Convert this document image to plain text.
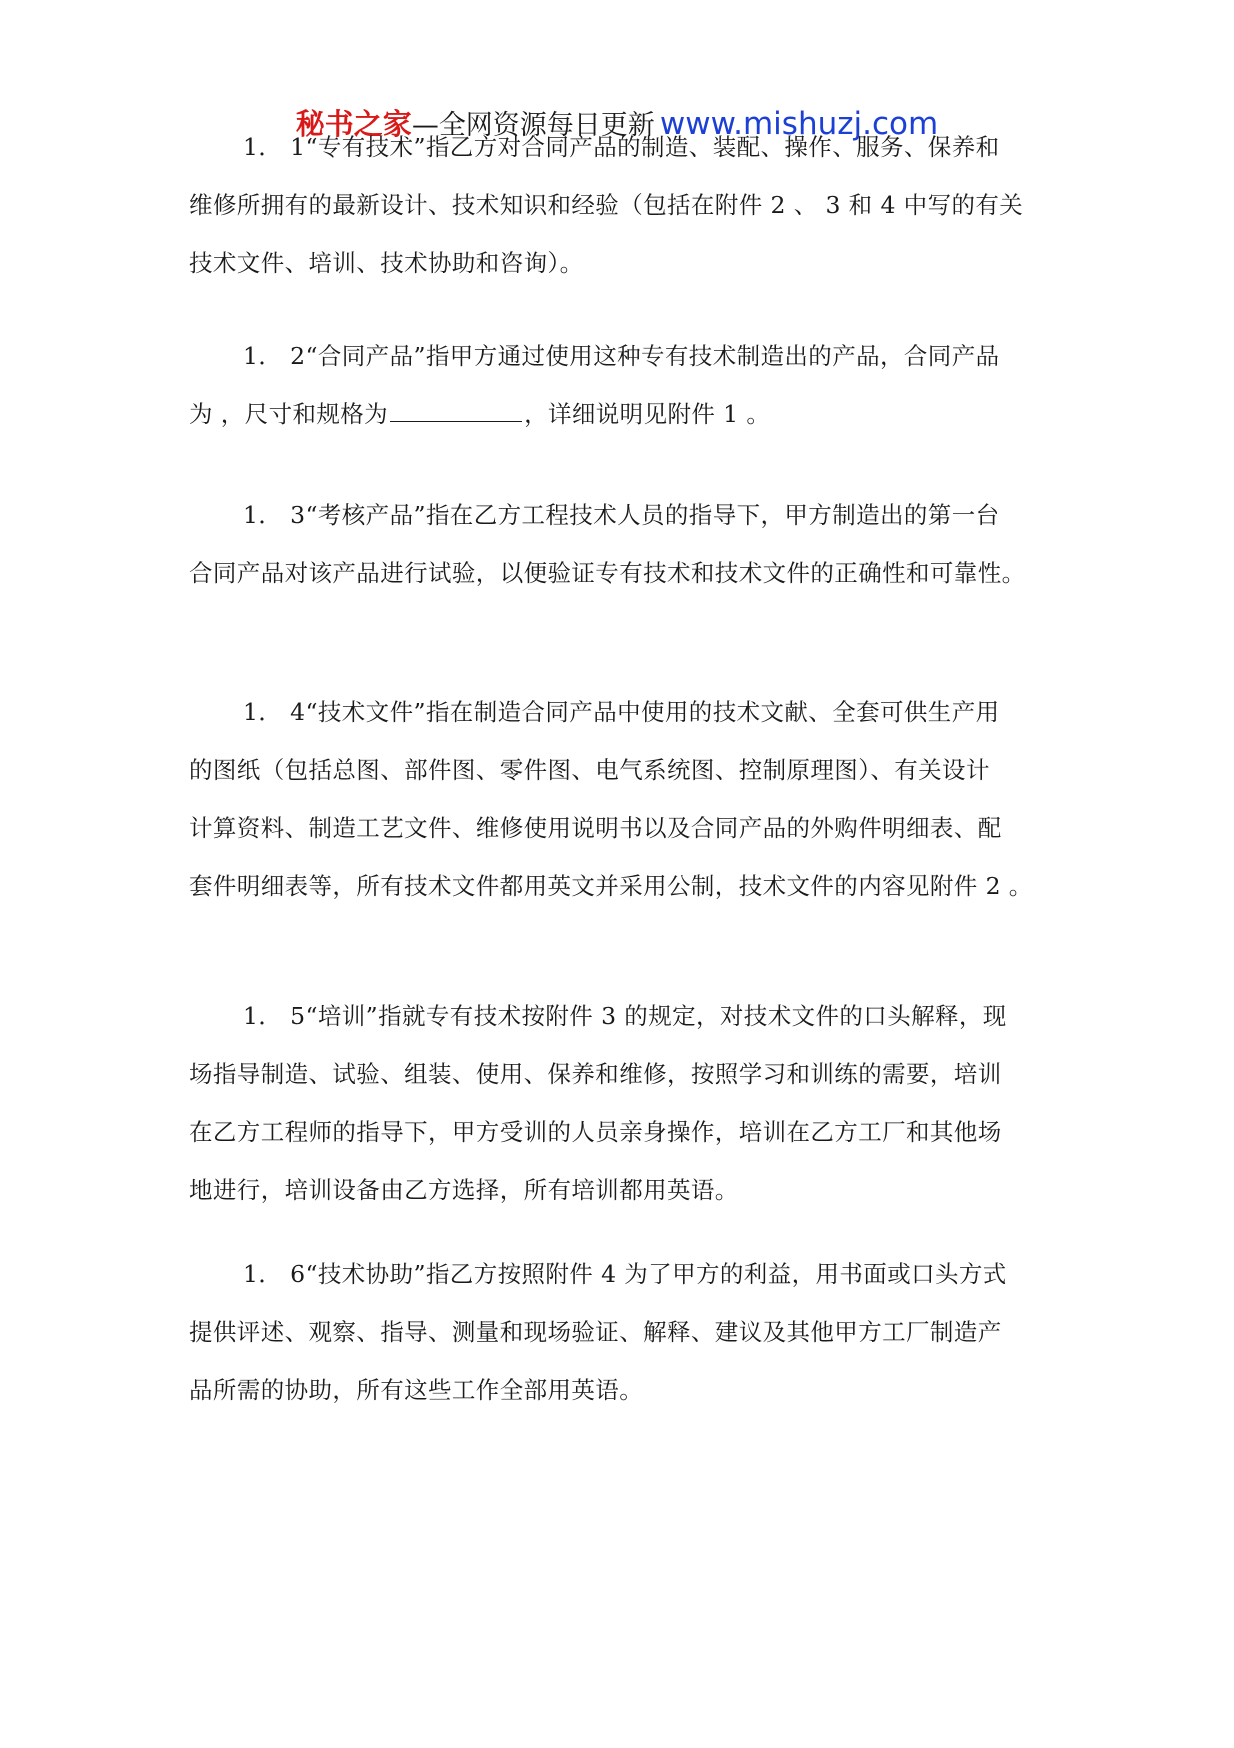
秘书之家—全网资源每日更新 www.mishuzj.com

1． 1“专有技术”指乙方对合同产品的制造、装配、操作、服务、保养和
维修所拥有的最新设计、技术知识和经验（包括在附件 2 、 3 和 4 中写的有关
技术文件、培训、技术协助和咨询）。

1． 2“合同产品”指甲方通过使用这种专有技术制造出的产品，合同产品
为 ，尺寸和规格为	，详细说明见附件 1 。

1． 3“考核产品”指在乙方工程技术人员的指导下，甲方制造出的第一台
合同产品对该产品进行试验，以便验证专有技术和技术文件的正确性和可靠性。

1． 4“技术文件”指在制造合同产品中使用的技术文献、全套可供生产用
的图纸（包括总图、部件图、零件图、电气系统图、控制原理图）、有关设计
计算资料、制造工艺文件、维修使用说明书以及合同产品的外购件明细表、配
套件明细表等，所有技术文件都用英文并采用公制，技术文件的内容见附件 2 。

1． 5“培训”指就专有技术按附件 3 的规定，对技术文件的口头解释，现
场指导制造、试验、组装、使用、保养和维修，按照学习和训练的需要，培训
在乙方工程师的指导下，甲方受训的人员亲身操作，培训在乙方工厂和其他场
地进行，培训设备由乙方选择，所有培训都用英语。

1． 6“技术协助”指乙方按照附件 4 为了甲方的利益，用书面或口头方式
提供评述、观察、指导、测量和现场验证、解释、建议及其他甲方工厂制造产
品所需的协助，所有这些工作全部用英语。
